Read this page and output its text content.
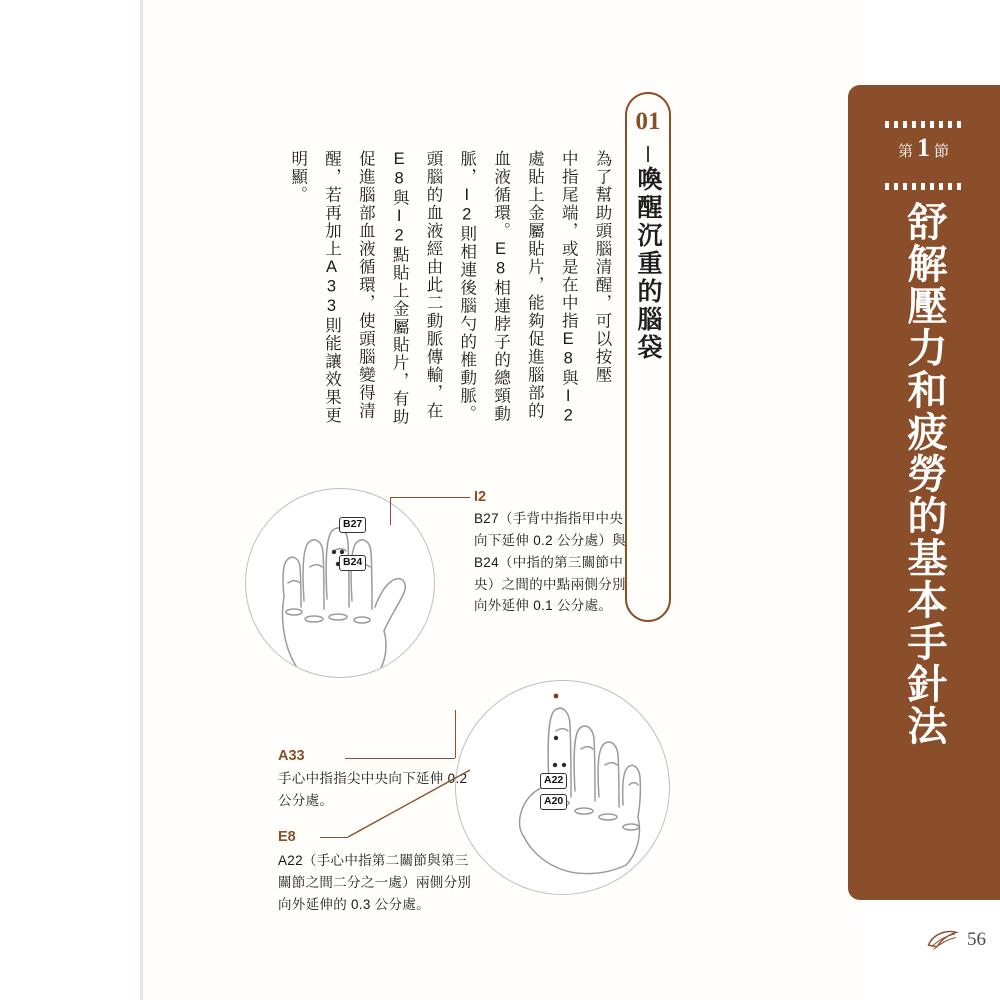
第 1 節
舒解壓力和疲勞的基本手針法
56
01
喚醒沉重的腦袋
為了幫助頭腦清醒，可以按壓
中指尾端，或是在中指E8與I2
處貼上金屬貼片，能夠促進腦部的
血液循環。E8相連脖子的總頸動
脈，I2則相連後腦勺的椎動脈。
頭腦的血液經由此二動脈傳輸，在
E8與I2點貼上金屬貼片，有助
促進腦部血液循環，使頭腦變得清
醒，若再加上A33則能讓效果更
明顯。
B27
B24
I2
B27（手背中指指甲中央向下延伸 0.2 公分處）與B24（中指的第三關節中央）之間的中點兩側分別向外延伸 0.1 公分處。
A22
A20
A33
手心中指指尖中央向下延伸 0.2 公分處。
E8
A22（手心中指第二關節與第三關節之間二分之一處）兩側分別向外延伸的 0.3 公分處。
